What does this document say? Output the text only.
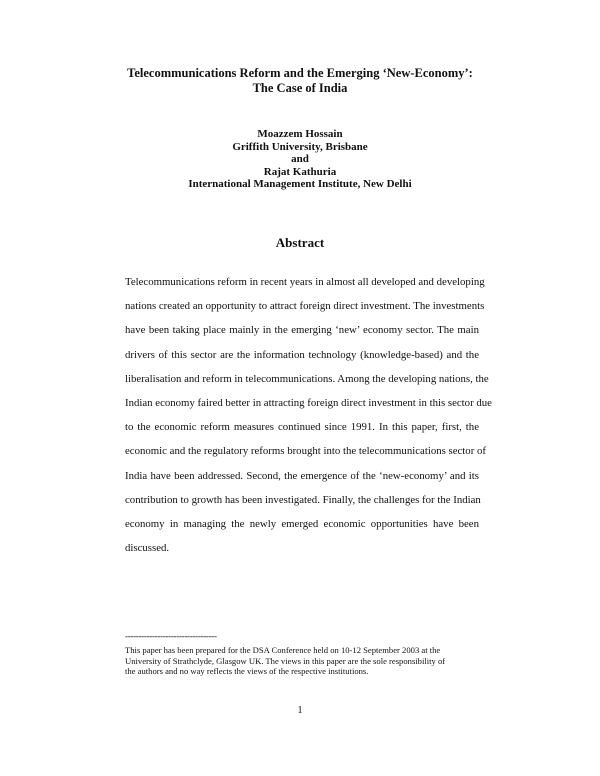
Telecommunications Reform and the Emerging ‘New-Economy’:
The Case of India
Moazzem Hossain
Griffith University, Brisbane
and
Rajat Kathuria
International Management Institute, New Delhi
Abstract
Telecommunications reform in recent years in almost all developed and developing
nations created an opportunity to attract foreign direct investment. The investments
have been taking place mainly in the emerging ‘new’ economy sector. The main
drivers of this sector are the information technology (knowledge-based) and the
liberalisation and reform in telecommunications. Among the developing nations, the
Indian economy faired better in attracting foreign direct investment in this sector due
to the economic reform measures continued since 1991. In this paper, first, the
economic and the regulatory reforms brought into the telecommunications sector of
India have been addressed. Second, the emergence of the ‘new-economy’ and its
contribution to growth has been investigated. Finally, the challenges for the Indian
economy in managing the newly emerged economic opportunities have been
discussed.
----------------------------------
This paper has been prepared for the DSA Conference held on 10-12 September 2003 at the
University of Strathclyde, Glasgow UK. The views in this paper are the sole responsibility of
the authors and no way reflects the views of the respective institutions.
1
